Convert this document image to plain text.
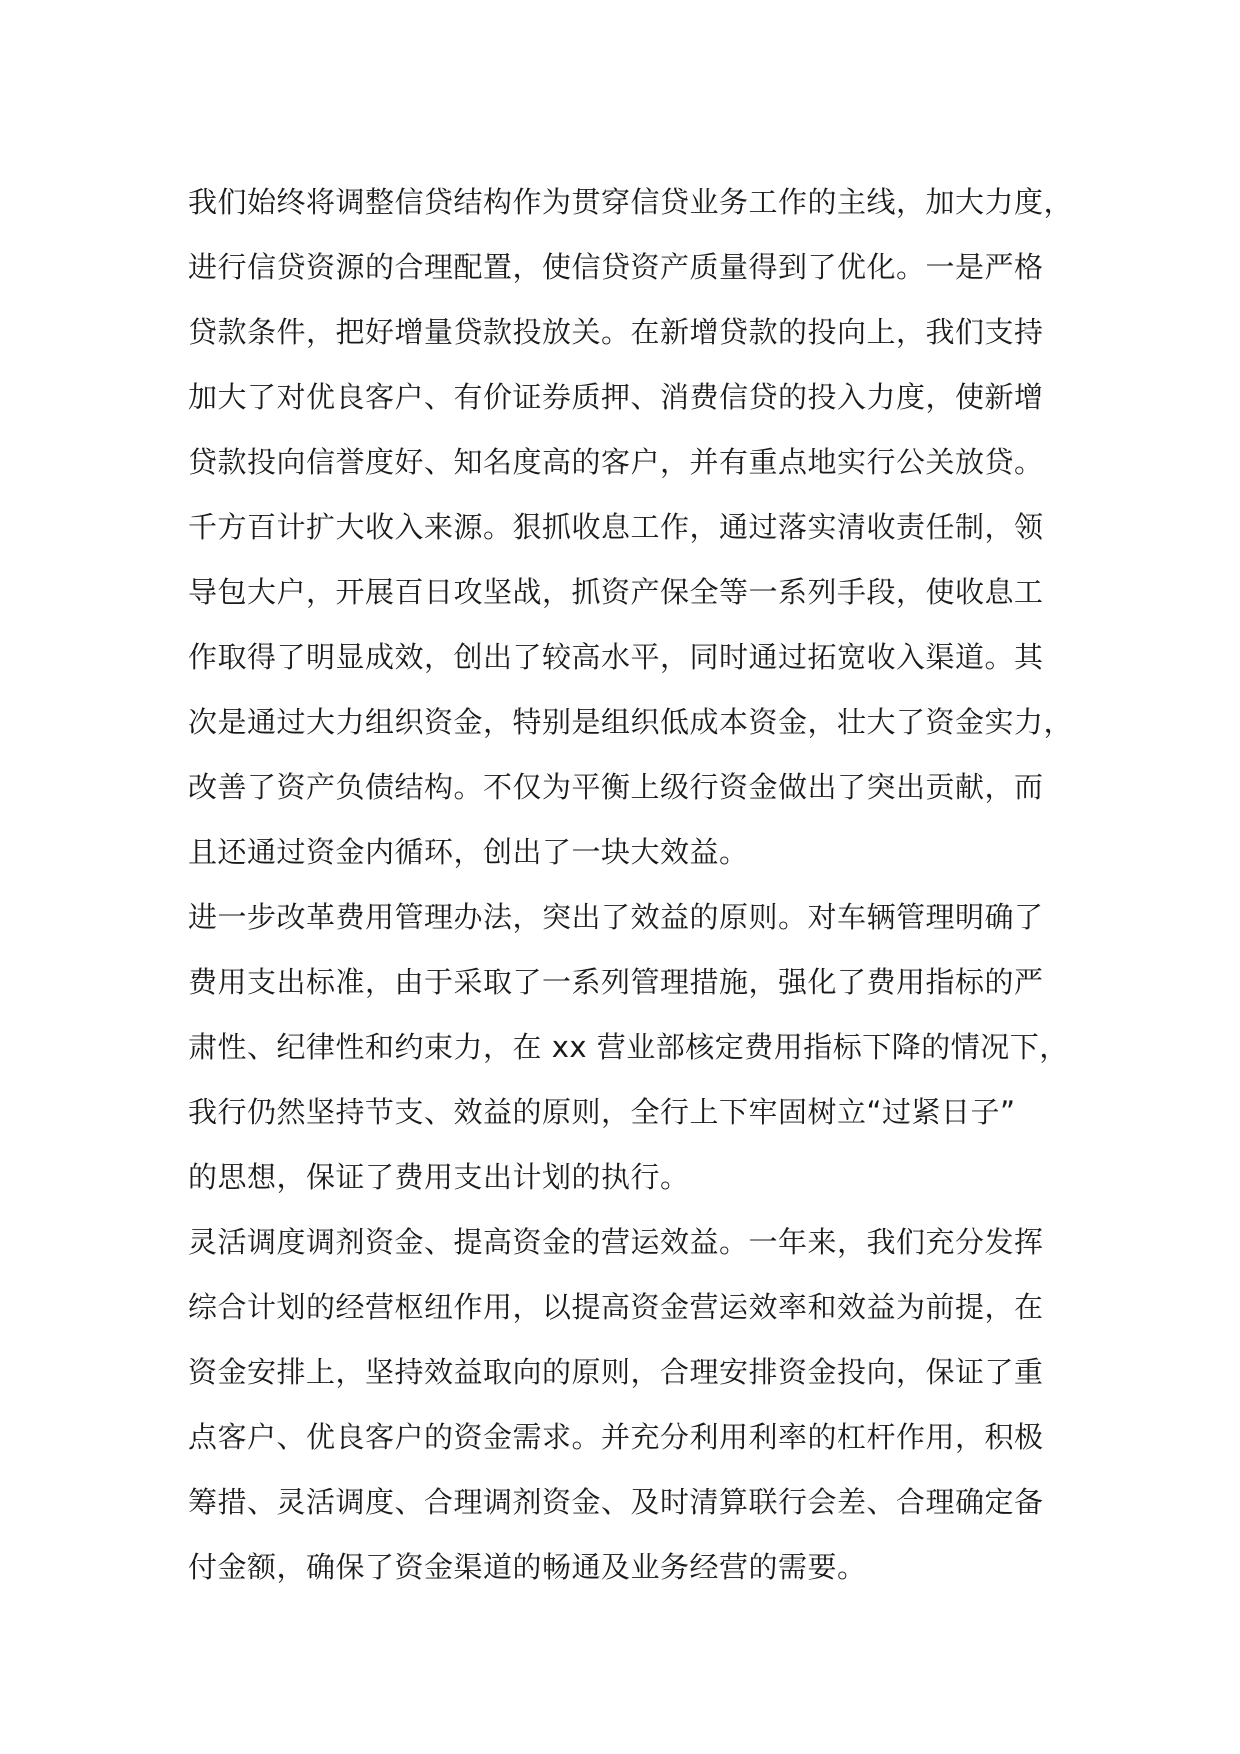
我们始终将调整信贷结构作为贯穿信贷业务工作的主线，加大力度，
进行信贷资源的合理配置，使信贷资产质量得到了优化。一是严格
贷款条件，把好增量贷款投放关。在新增贷款的投向上，我们支持
加大了对优良客户、有价证券质押、消费信贷的投入力度，使新增
贷款投向信誉度好、知名度高的客户，并有重点地实行公关放贷。
千方百计扩大收入来源。狠抓收息工作，通过落实清收责任制，领
导包大户，开展百日攻坚战，抓资产保全等一系列手段，使收息工
作取得了明显成效，创出了较高水平，同时通过拓宽收入渠道。其
次是通过大力组织资金，特别是组织低成本资金，壮大了资金实力，
改善了资产负债结构。不仅为平衡上级行资金做出了突出贡献，而
且还通过资金内循环，创出了一块大效益。
进一步改革费用管理办法，突出了效益的原则。对车辆管理明确了
费用支出标准，由于采取了一系列管理措施，强化了费用指标的严
肃性、纪律性和约束力，在 xx 营业部核定费用指标下降的情况下，
我行仍然坚持节支、效益的原则，全行上下牢固树立“过紧日子”
的思想，保证了费用支出计划的执行。
灵活调度调剂资金、提高资金的营运效益。一年来，我们充分发挥
综合计划的经营枢纽作用，以提高资金营运效率和效益为前提，在
资金安排上，坚持效益取向的原则，合理安排资金投向，保证了重
点客户、优良客户的资金需求。并充分利用利率的杠杆作用，积极
筹措、灵活调度、合理调剂资金、及时清算联行会差、合理确定备
付金额，确保了资金渠道的畅通及业务经营的需要。
